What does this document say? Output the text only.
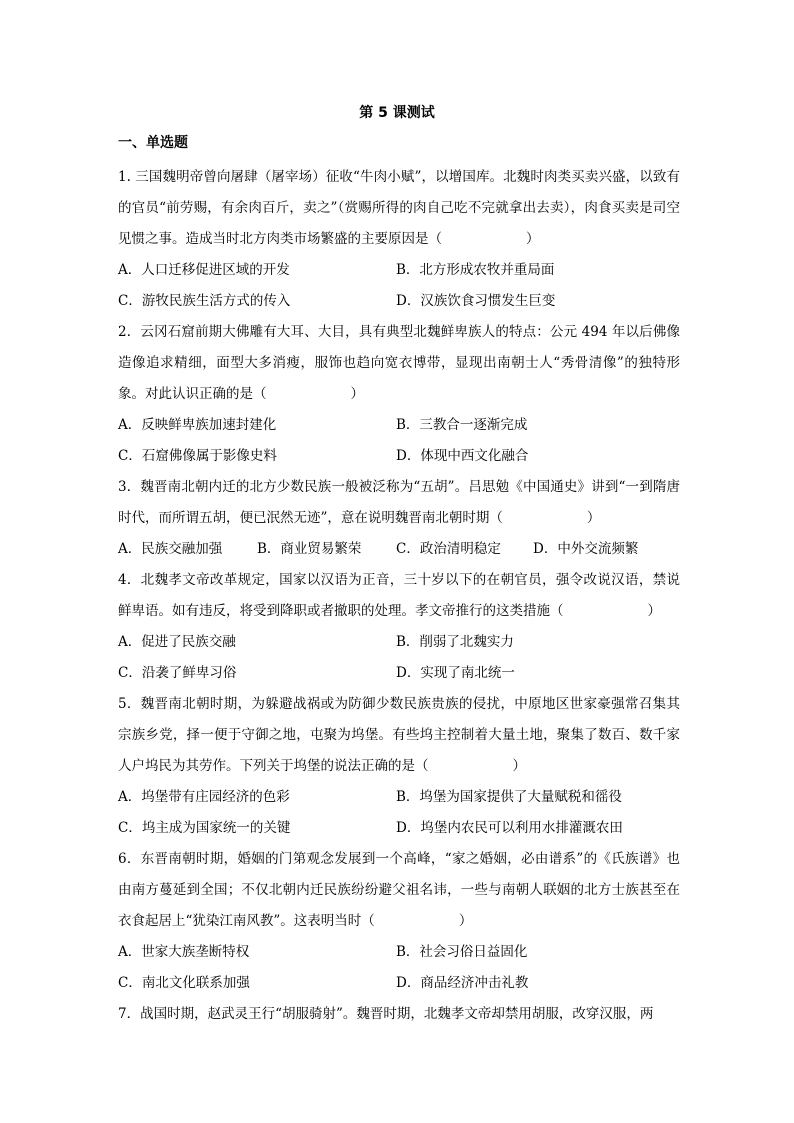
第 5 课测试
一、单选题

1. 三国魏明帝曾向屠肆（屠宰场）征收“牛肉小赋”，以增国库。北魏时肉类买卖兴盛，以致有的官员“前劳赐，有余肉百斤，卖之”（赏赐所得的肉自己吃不完就拿出去卖），肉食买卖是司空见惯之事。造成当时北方肉类市场繁盛的主要原因是（	）

A．人口迁移促进区域的开发	B．北方形成农牧并重局面
C．游牧民族生活方式的传入	D．汉族饮食习惯发生巨变

2．云冈石窟前期大佛雕有大耳、大目，具有典型北魏鲜卑族人的特点：公元 494 年以后佛像造像追求精细，面型大多消瘦，服饰也趋向宽衣博带，显现出南朝士人“秀骨清像”的独特形象。对此认识正确的是（	）

A．反映鲜卑族加速封建化	B．三教合一逐渐完成
C．石窟佛像属于影像史料	D．体现中西文化融合

3．魏晋南北朝内迁的北方少数民族一般被泛称为“五胡”。吕思勉《中国通史》讲到“一到隋唐时代，而所谓五胡，便已泯然无迹”，意在说明魏晋南北朝时期（	）

A．民族交融加强	B．商业贸易繁荣	C．政治清明稳定	D．中外交流频繁

4．北魏孝文帝改革规定，国家以汉语为正音，三十岁以下的在朝官员，强令改说汉语，禁说鲜卑语。如有违反，将受到降职或者撤职的处理。孝文帝推行的这类措施（	）

A．促进了民族交融	B．削弱了北魏实力
C．沿袭了鲜卑习俗	D．实现了南北统一

5．魏晋南北朝时期，为躲避战祸或为防御少数民族贵族的侵扰，中原地区世家豪强常召集其宗族乡党，择一便于守御之地，屯聚为坞堡。有些坞主控制着大量土地，聚集了数百、数千家人户坞民为其劳作。下列关于坞堡的说法正确的是（	）

A．坞堡带有庄园经济的色彩	B．坞堡为国家提供了大量赋税和徭役
C．坞主成为国家统一的关键	D．坞堡内农民可以利用水排灌溉农田

6．东晋南朝时期，婚姻的门第观念发展到一个高峰，“家之婚姻，必由谱系”的《氏族谱》也由南方蔓延到全国；不仅北朝内迁民族纷纷避父祖名讳，一些与南朝人联姻的北方士族甚至在衣食起居上“犹染江南风教”。这表明当时（	）

A．世家大族垄断特权	B．社会习俗日益固化
C．南北文化联系加强	D．商品经济冲击礼教

7．战国时期，赵武灵王行“胡服骑射”。魏晋时期，北魏孝文帝却禁用胡服，改穿汉服，两
